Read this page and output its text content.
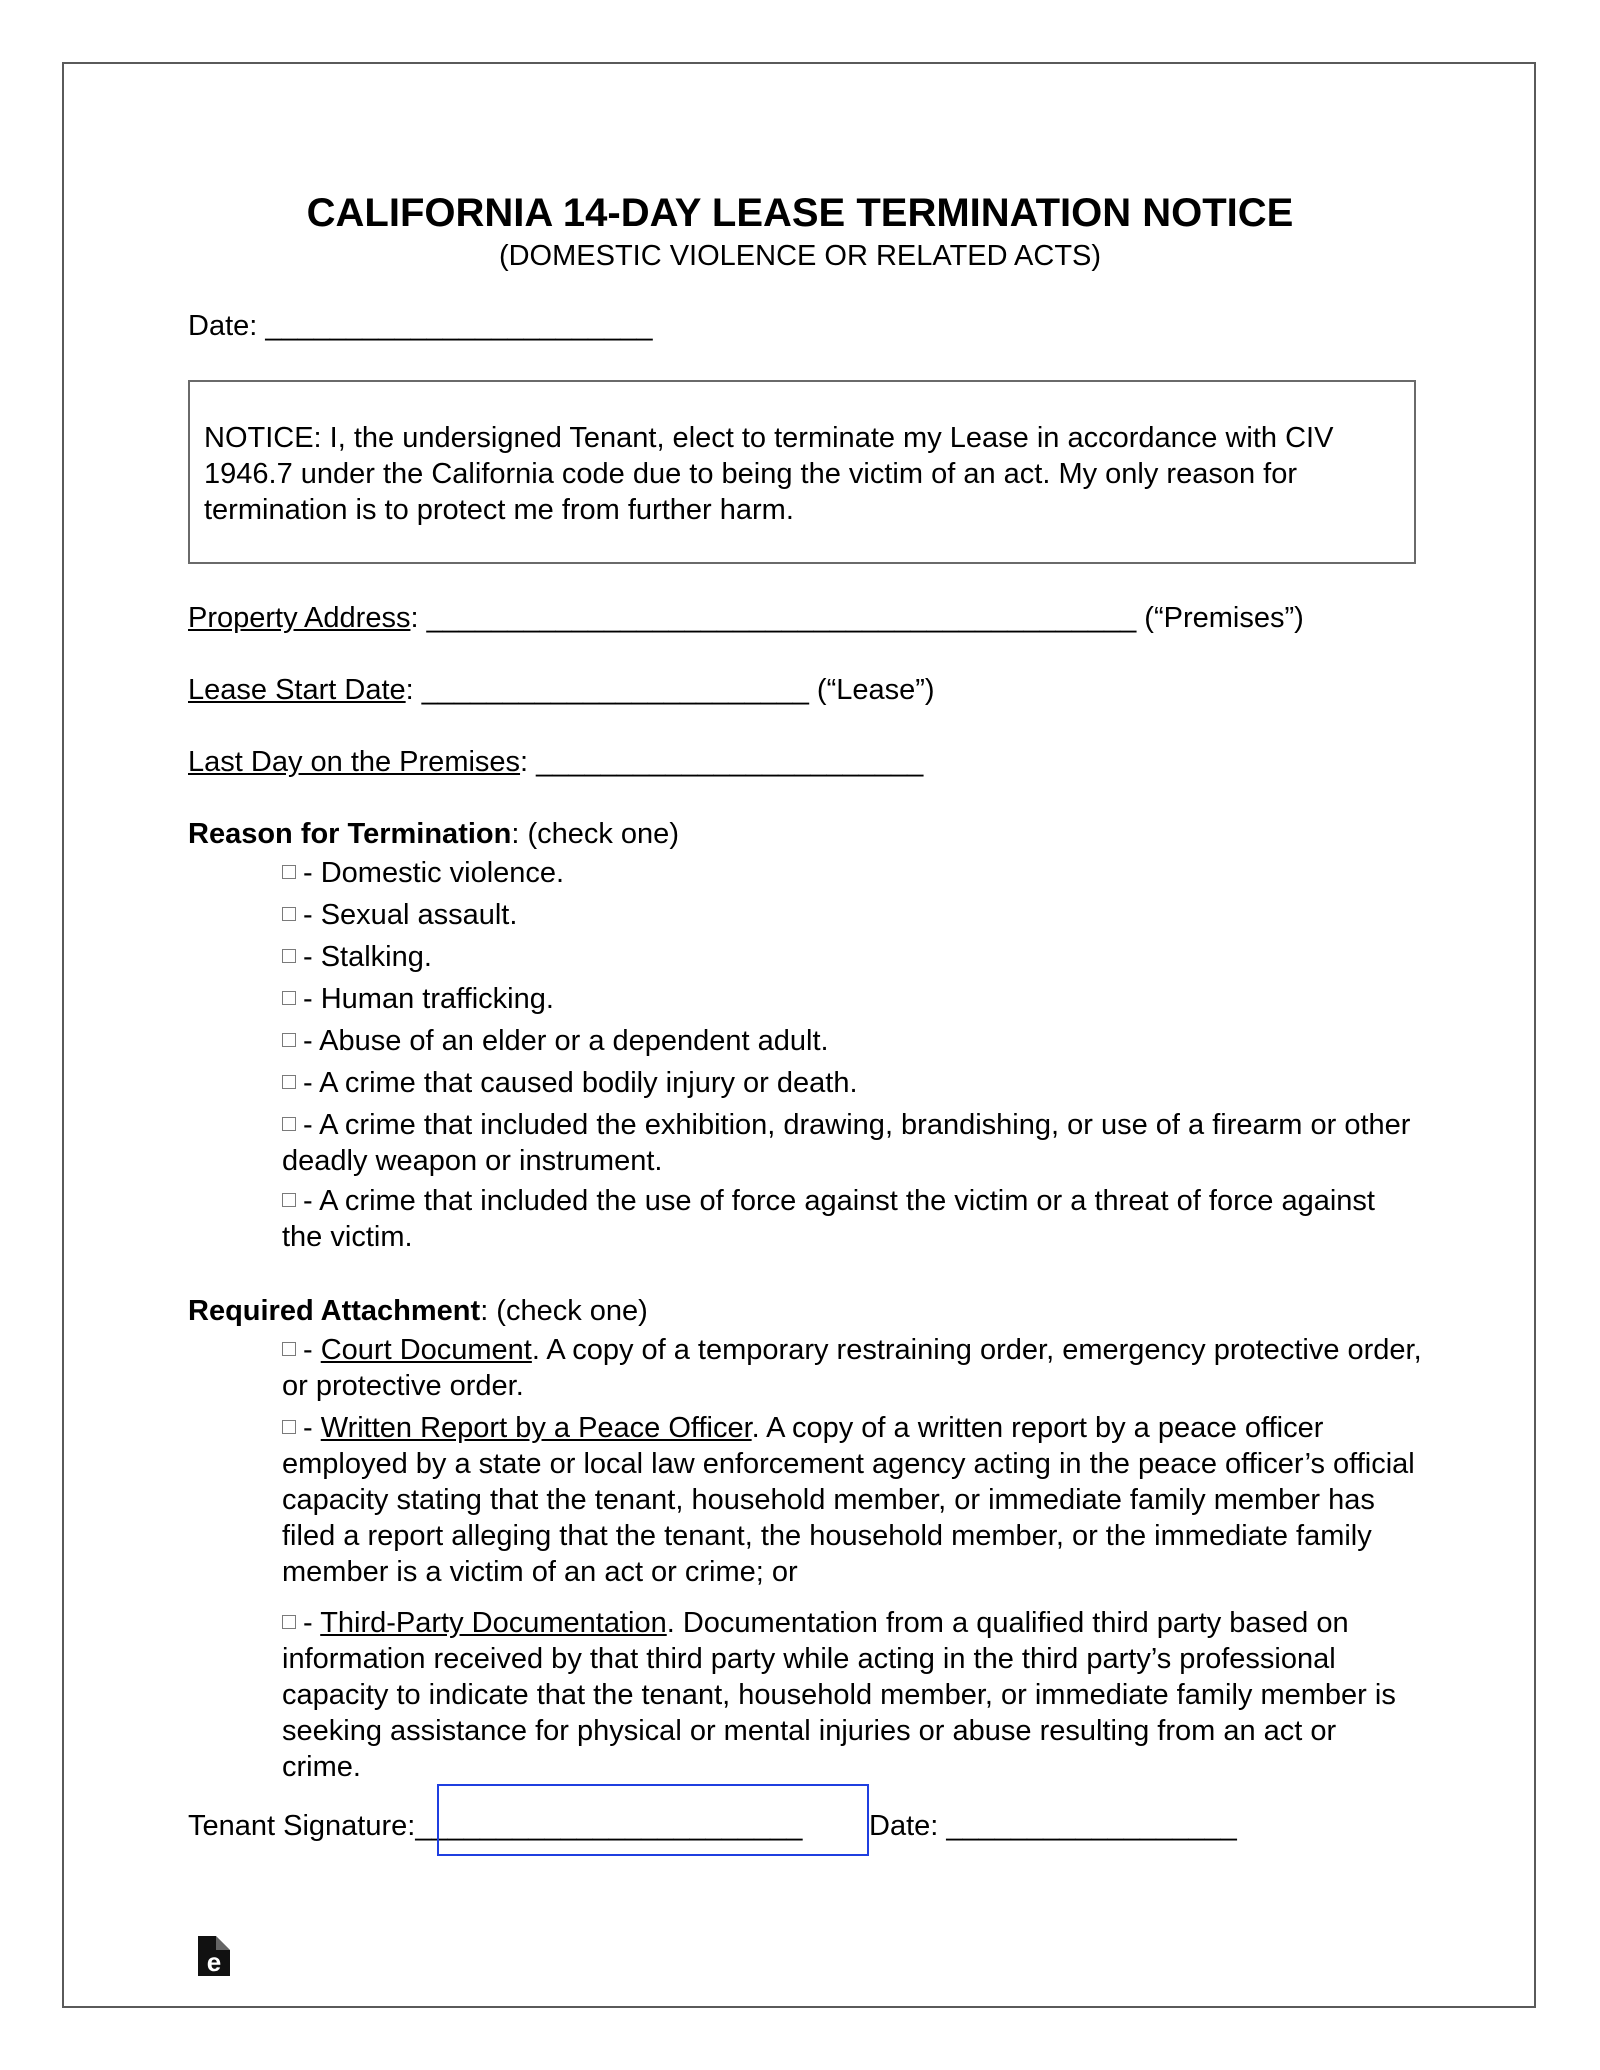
CALIFORNIA 14-DAY LEASE TERMINATION NOTICE
(DOMESTIC VIOLENCE OR RELATED ACTS)
Date: ________________________
NOTICE: I, the undersigned Tenant, elect to terminate my Lease in accordance with CIV 1946.7 under the California code due to being the victim of an act. My only reason for termination is to protect me from further harm.
Property Address: ____________________________________________ (“Premises”)
Lease Start Date: ________________________ (“Lease”)
Last Day on the Premises: ________________________
Reason for Termination: (check one)
- Domestic violence.
- Sexual assault.
- Stalking.
- Human trafficking.
- Abuse of an elder or a dependent adult.
- A crime that caused bodily injury or death.
- A crime that included the exhibition, drawing, brandishing, or use of a firearm or other deadly weapon or instrument.
- A crime that included the use of force against the victim or a threat of force against the victim.
Required Attachment: (check one)
- Court Document. A copy of a temporary restraining order, emergency protective order, or protective order.
- Written Report by a Peace Officer. A copy of a written report by a peace officer employed by a state or local law enforcement agency acting in the peace officer’s official capacity stating that the tenant, household member, or immediate family member has filed a report alleging that the tenant, the household member, or the immediate family member is a victim of an act or crime; or
- Third-Party Documentation. Documentation from a qualified third party based on information received by that third party while acting in the third party’s professional capacity to indicate that the tenant, household member, or immediate family member is seeking assistance for physical or mental injuries or abuse resulting from an act or crime.
Tenant Signature:________________________ Date: __________________
e
